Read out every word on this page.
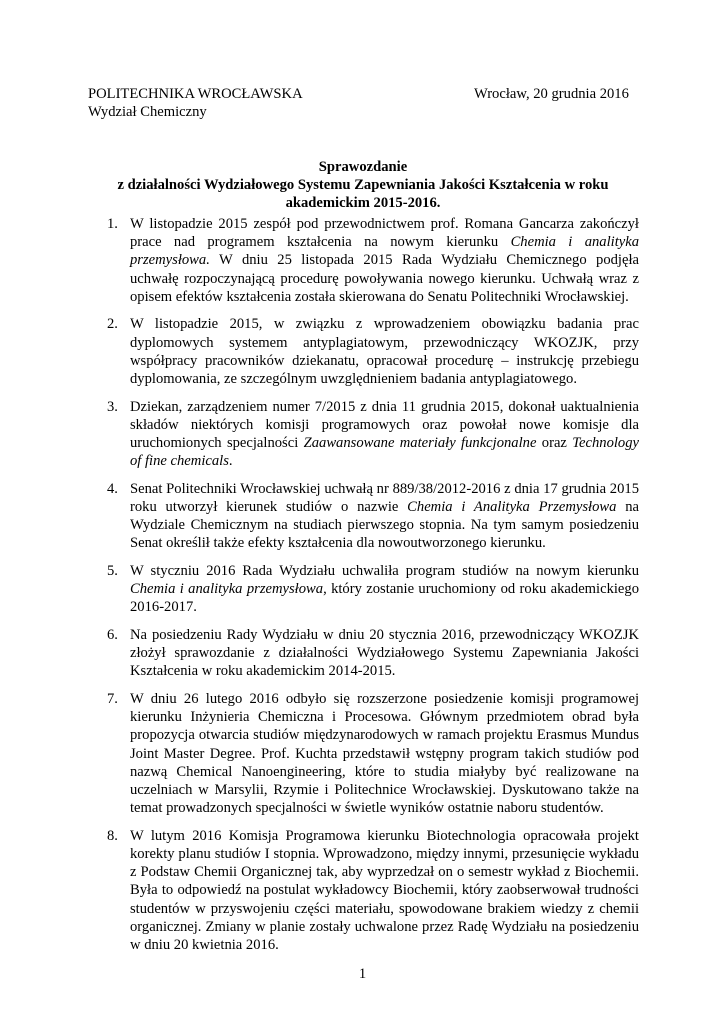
POLITECHNIKA WROCŁAWSKA
Wydział Chemiczny
Wrocław, 20 grudnia 2016
Sprawozdanie
z działalności Wydziałowego Systemu Zapewniania Jakości Kształcenia w roku
akademickim 2015-2016.
1. W listopadzie 2015 zespół pod przewodnictwem prof. Romana Gancarza zakończył prace nad programem kształcenia na nowym kierunku Chemia i analityka przemysłowa. W dniu 25 listopada 2015 Rada Wydziału Chemicznego podjęła uchwałę rozpoczynającą procedurę powoływania nowego kierunku. Uchwałą wraz z opisem efektów kształcenia została skierowana do Senatu Politechniki Wrocławskiej.
2. W listopadzie 2015, w związku z wprowadzeniem obowiązku badania prac dyplomowych systemem antyplagiatowym, przewodniczący WKOZJK, przy współpracy pracowników dziekanatu, opracował procedurę – instrukcję przebiegu dyplomowania, ze szczególnym uwzględnieniem badania antyplagiatowego.
3. Dziekan, zarządzeniem numer 7/2015 z dnia 11 grudnia 2015, dokonał uaktualnienia składów niektórych komisji programowych oraz powołał nowe komisje dla uruchomionych specjalności Zaawansowane materiały funkcjonalne oraz Technology of fine chemicals.
4. Senat Politechniki Wrocławskiej uchwałą nr 889/38/2012-2016 z dnia 17 grudnia 2015 roku utworzył kierunek studiów o nazwie Chemia i Analityka Przemysłowa na Wydziale Chemicznym na studiach pierwszego stopnia. Na tym samym posiedzeniu Senat określił także efekty kształcenia dla nowoutworzonego kierunku.
5. W styczniu 2016 Rada Wydziału uchwaliła program studiów na nowym kierunku Chemia i analityka przemysłowa, który zostanie uruchomiony od roku akademickiego 2016-2017.
6. Na posiedzeniu Rady Wydziału w dniu 20 stycznia 2016, przewodniczący WKOZJK złożył sprawozdanie z działalności Wydziałowego Systemu Zapewniania Jakości Kształcenia w roku akademickim 2014-2015.
7. W dniu 26 lutego 2016 odbyło się rozszerzone posiedzenie komisji programowej kierunku Inżynieria Chemiczna i Procesowa. Głównym przedmiotem obrad była propozycja otwarcia studiów międzynarodowych w ramach projektu Erasmus Mundus Joint Master Degree. Prof. Kuchta przedstawił wstępny program takich studiów pod nazwą Chemical Nanoengineering, które to studia miałyby być realizowane na uczelniach w Marsylii, Rzymie i Politechnice Wrocławskiej. Dyskutowano także na temat prowadzonych specjalności w świetle wyników ostatnie naboru studentów.
8. W lutym 2016 Komisja Programowa kierunku Biotechnologia opracowała projekt korekty planu studiów I stopnia. Wprowadzono, między innymi, przesunięcie wykładu z Podstaw Chemii Organicznej tak, aby wyprzedzał on o semestr wykład z Biochemii. Była to odpowiedź na postulat wykładowcy Biochemii, który zaobserwował trudności studentów w przyswojeniu części materiału, spowodowane brakiem wiedzy z chemii organicznej. Zmiany w planie zostały uchwalone przez Radę Wydziału na posiedzeniu w dniu 20 kwietnia 2016.
1
